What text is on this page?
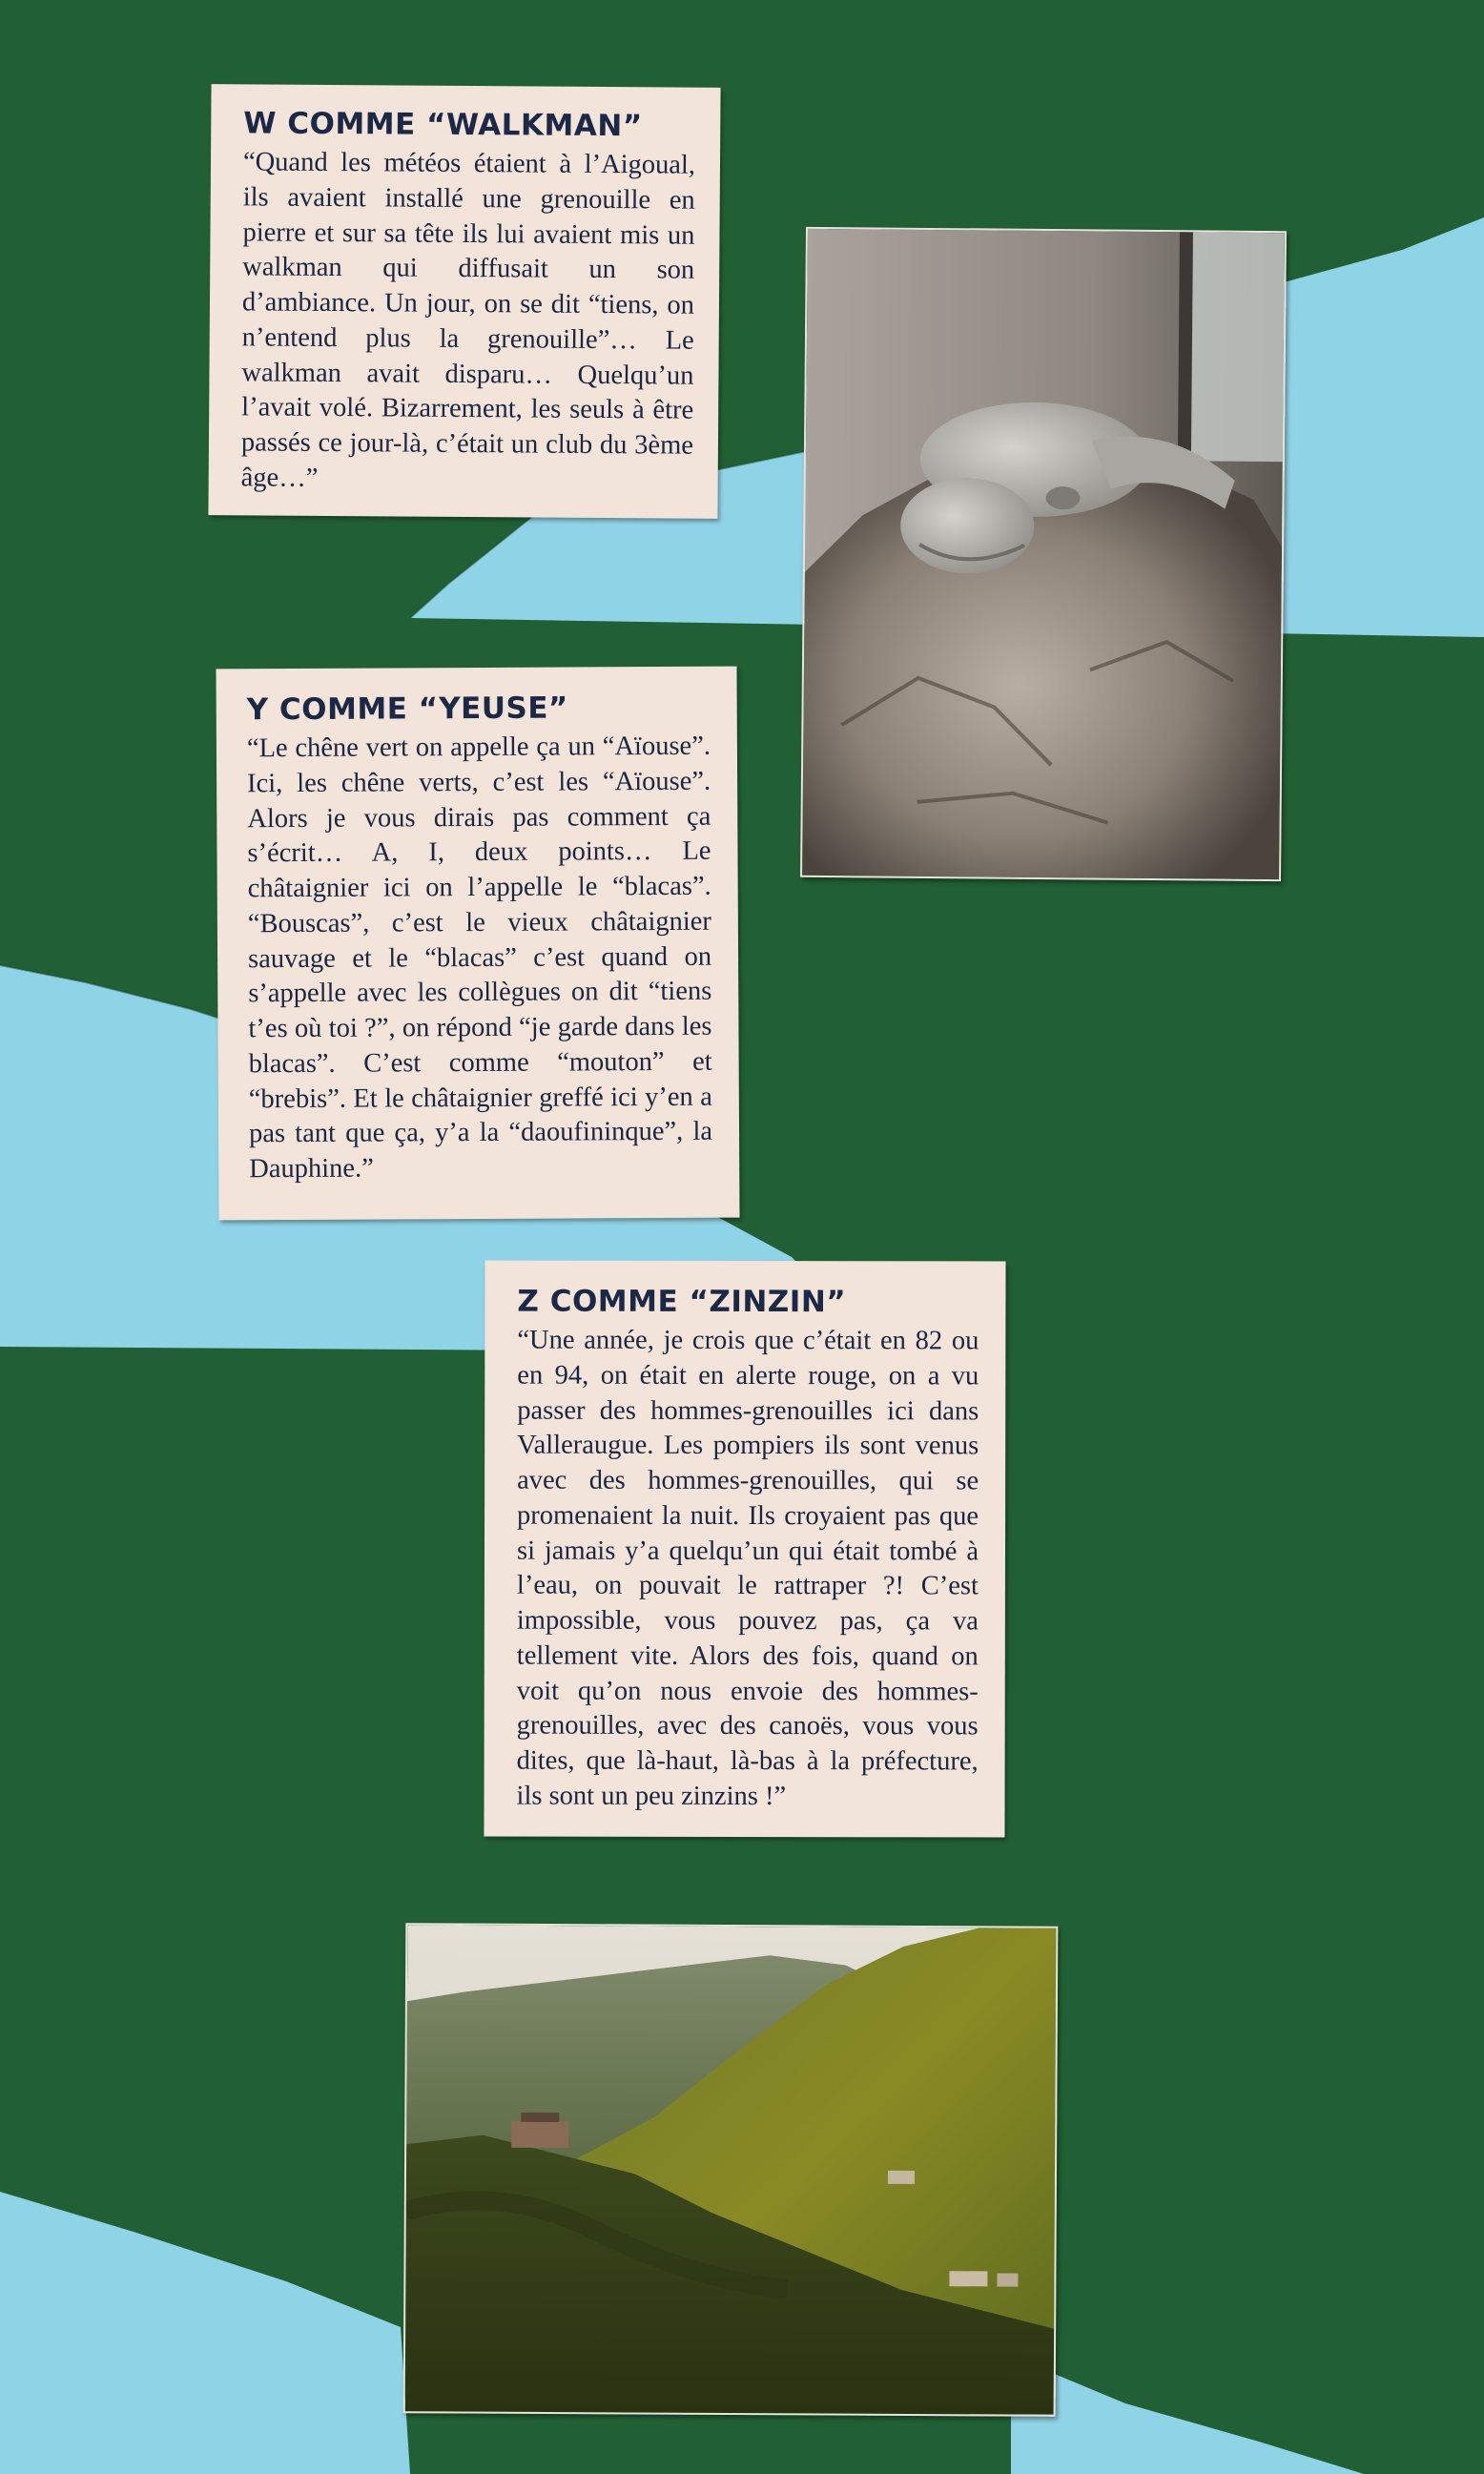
W COMME “WALKMAN”

“Quand les météos étaient à l’Aigoual, ils avaient installé une grenouille en pierre et sur sa tête ils lui avaient mis un walkman qui diffusait un son d’ambiance. Un jour, on se dit “tiens, on n’entend plus la grenouille”… Le walkman avait disparu… Quelqu’un l’avait volé. Bizarrement, les seuls à être passés ce jour-là, c’était un club du 3ème âge…”

Y COMME “YEUSE”

“Le chêne vert on appelle ça un “Aïouse”. Ici, les chêne verts, c’est les “Aïouse”. Alors je vous dirais pas comment ça s’écrit… A, I, deux points… Le châtaignier ici on l’appelle le “blacas”. “Bouscas”, c’est le vieux châtaignier sauvage et le “blacas” c’est quand on s’appelle avec les collègues on dit “tiens t’es où toi ?”, on répond “je garde dans les blacas”. C’est comme “mouton” et “brebis”. Et le châtaignier greffé ici y’en a pas tant que ça, y’a la “daoufininque”, la Dauphine.”

Z COMME “ZINZIN”

“Une année, je crois que c’était en 82 ou en 94, on était en alerte rouge, on a vu passer des hommes-grenouilles ici dans Valleraugue. Les pompiers ils sont venus avec des hommes-grenouilles, qui se promenaient la nuit. Ils croyaient pas que si jamais y’a quelqu’un qui était tombé à l’eau, on pouvait le rattraper ?! C’est impossible, vous pouvez pas, ça va tellement vite. Alors des fois, quand on voit qu’on nous envoie des hommes-grenouilles, avec des canoës, vous vous dites, que là-haut, là-bas à la préfecture, ils sont un peu zinzins !”
